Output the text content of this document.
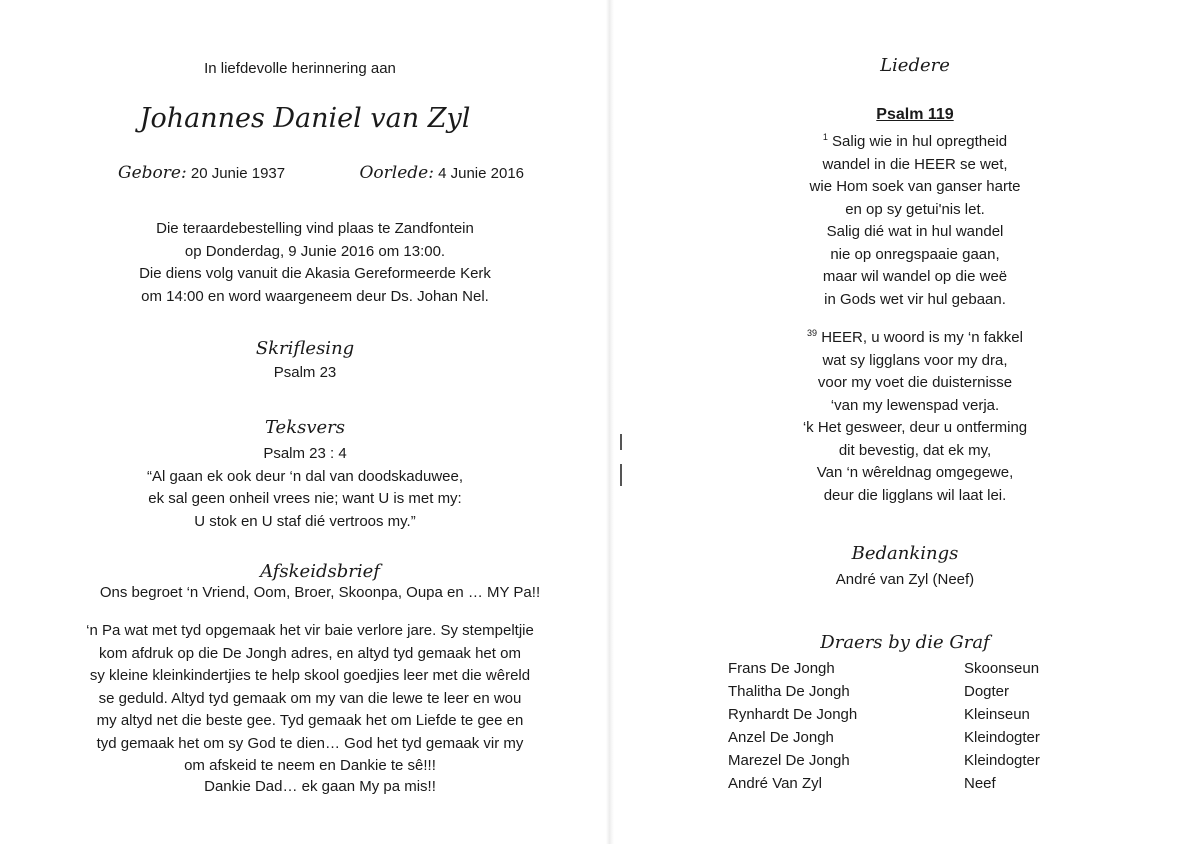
In liefdevolle herinnering aan
Johannes Daniel van Zyl
Gebore: 20 Junie 1937	Oorlede: 4 Junie 2016
Die teraardebestelling vind plaas te Zandfontein
op Donderdag, 9 Junie 2016 om 13:00.
Die diens volg vanuit die Akasia Gereformeerde Kerk
om 14:00 en word waargeneem deur Ds. Johan Nel.
Skriflesing
Psalm 23
Teksvers
Psalm 23 : 4
“Al gaan ek ook deur ‘n dal van doodskaduwee,
ek sal geen onheil vrees nie; want U is met my:
U stok en U staf dié vertroos my.”
Afskeidsbrief
Ons begroet ‘n Vriend, Oom, Broer, Skoonpa, Oupa en … MY Pa!!
‘n Pa wat met tyd opgemaak het vir baie verlore jare. Sy stempeltjie
kom afdruk op die De Jongh adres, en altyd tyd gemaak het om
sy kleine kleinkindertjies te help skool goedjies leer met die wêreld
se geduld. Altyd tyd gemaak om my van die lewe te leer en wou
my altyd net die beste gee. Tyd gemaak het om Liefde te gee en
tyd gemaak het om sy God te dien… God het tyd gemaak vir my
om afskeid te neem en Dankie te sê!!!
Dankie Dad… ek gaan My pa mis!!
Liedere
Psalm 119
$^1$ Salig wie in hul opregtheid
wandel in die HEER se wet,
wie Hom soek van ganser harte
en op sy getui'nis let.
Salig dié wat in hul wandel
nie op onregspaaie gaan,
maar wil wandel op die weë
in Gods wet vir hul gebaan.
$^{39}$ HEER, u woord is my ‘n fakkel
wat sy ligglans voor my dra,
voor my voet die duisternisse
‘van my lewenspad verja.
‘k Het gesweer, deur u ontferming
dit bevestig, dat ek my,
Van ‘n wêreldnag omgegewe,
deur die ligglans wil laat lei.
Bedankings
André van Zyl (Neef)
Draers by die Graf
Frans De Jongh	Skoonseun
Thalitha De Jongh	Dogter
Rynhardt De Jongh	Kleinseun
Anzel De Jongh	Kleindogter
Marezel De Jongh	Kleindogter
André Van Zyl	Neef
